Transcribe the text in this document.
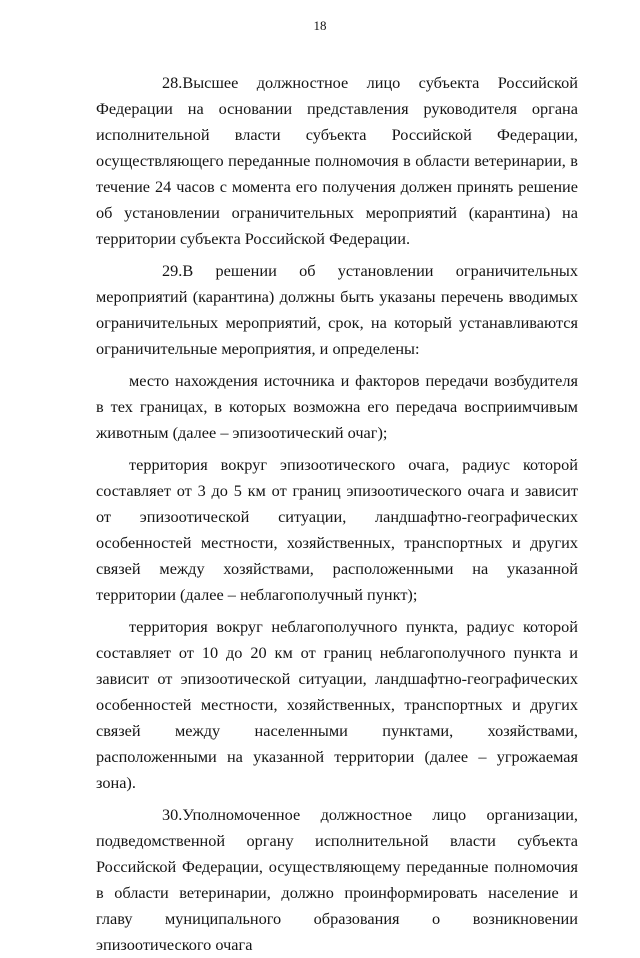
18

28.Высшее должностное лицо субъекта Российской Федерации на основании представления руководителя органа исполнительной власти субъекта Российской Федерации, осуществляющего переданные полномочия в области ветеринарии, в течение 24 часов с момента его получения должен принять решение об установлении ограничительных мероприятий (карантина) на территории субъекта Российской Федерации.

29.В решении об установлении ограничительных мероприятий (карантина) должны быть указаны перечень вводимых ограничительных мероприятий, срок, на который устанавливаются ограничительные мероприятия, и определены:

место нахождения источника и факторов передачи возбудителя в тех границах, в которых возможна его передача восприимчивым животным (далее – эпизоотический очаг);

территория вокруг эпизоотического очага, радиус которой составляет от 3 до 5 км от границ эпизоотического очага и зависит от эпизоотической ситуации, ландшафтно-географических особенностей местности, хозяйственных, транспортных и других связей между хозяйствами, расположенными на указанной территории (далее – неблагополучный пункт);

территория вокруг неблагополучного пункта, радиус которой составляет от 10 до 20 км от границ неблагополучного пункта и зависит от эпизоотической ситуации, ландшафтно-географических особенностей местности, хозяйственных, транспортных и других связей между населенными пунктами, хозяйствами, расположенными на указанной территории (далее – угрожаемая зона).

30.Уполномоченное должностное лицо организации, подведомственной органу исполнительной власти субъекта Российской Федерации, осуществляющему переданные полномочия в области ветеринарии, должно проинформировать население и главу муниципального образования о возникновении эпизоотического очага
